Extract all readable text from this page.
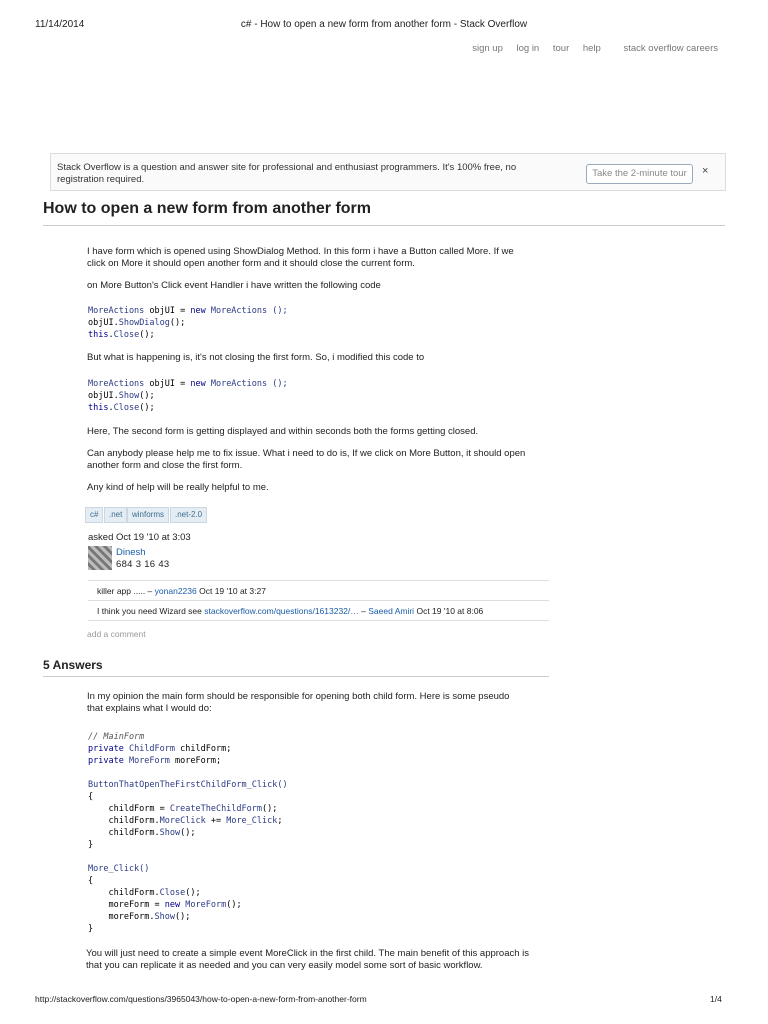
11/14/2014	c# - How to open a new form from another form - Stack Overflow
sign up log in tour help stack overflow careers
Stack Overflow is a question and answer site for professional and enthusiast programmers. It's 100% free, no registration required.
Take the 2-minute tour	×
How to open a new form from another form
I have form which is opened using ShowDialog Method. In this form i have a Button called More. If we click on More it should open another form and it should close the current form.
on More Button's Click event Handler i have written the following code
MoreActions objUI = new MoreActions ();
objUI.ShowDialog();
this.Close();
But what is happening is, it's not closing the first form. So, i modified this code to
MoreActions objUI = new MoreActions ();
objUI.Show();
this.Close();
Here, The second form is getting displayed and within seconds both the forms getting closed.
Can anybody please help me to fix issue. What i need to do is, If we click on More Button, it should open another form and close the first form.
Any kind of help will be really helpful to me.
c#	.net	winforms	.net-2.0
asked Oct 19 '10 at 3:03
Dinesh
684 3 16 43
killer app ..... – yonan2236 Oct 19 '10 at 3:27
I think you need Wizard see stackoverflow.com/questions/1613232/… – Saeed Amiri Oct 19 '10 at 8:06
add a comment
5 Answers
In my opinion the main form should be responsible for opening both child form. Here is some pseudo that explains what I would do:
// MainForm
private ChildForm childForm;
private MoreForm moreForm;

ButtonThatOpenTheFirstChildForm_Click()
{
childForm = CreateTheChildForm();
childForm.MoreClick += More_Click;
childForm.Show();
}

More_Click()
{
childForm.Close();
moreForm = new MoreForm();
moreForm.Show();
}
You will just need to create a simple event MoreClick in the first child. The main benefit of this approach is that you can replicate it as needed and you can very easily model some sort of basic workflow.
http://stackoverflow.com/questions/3965043/how-to-open-a-new-form-from-another-form	1/4
